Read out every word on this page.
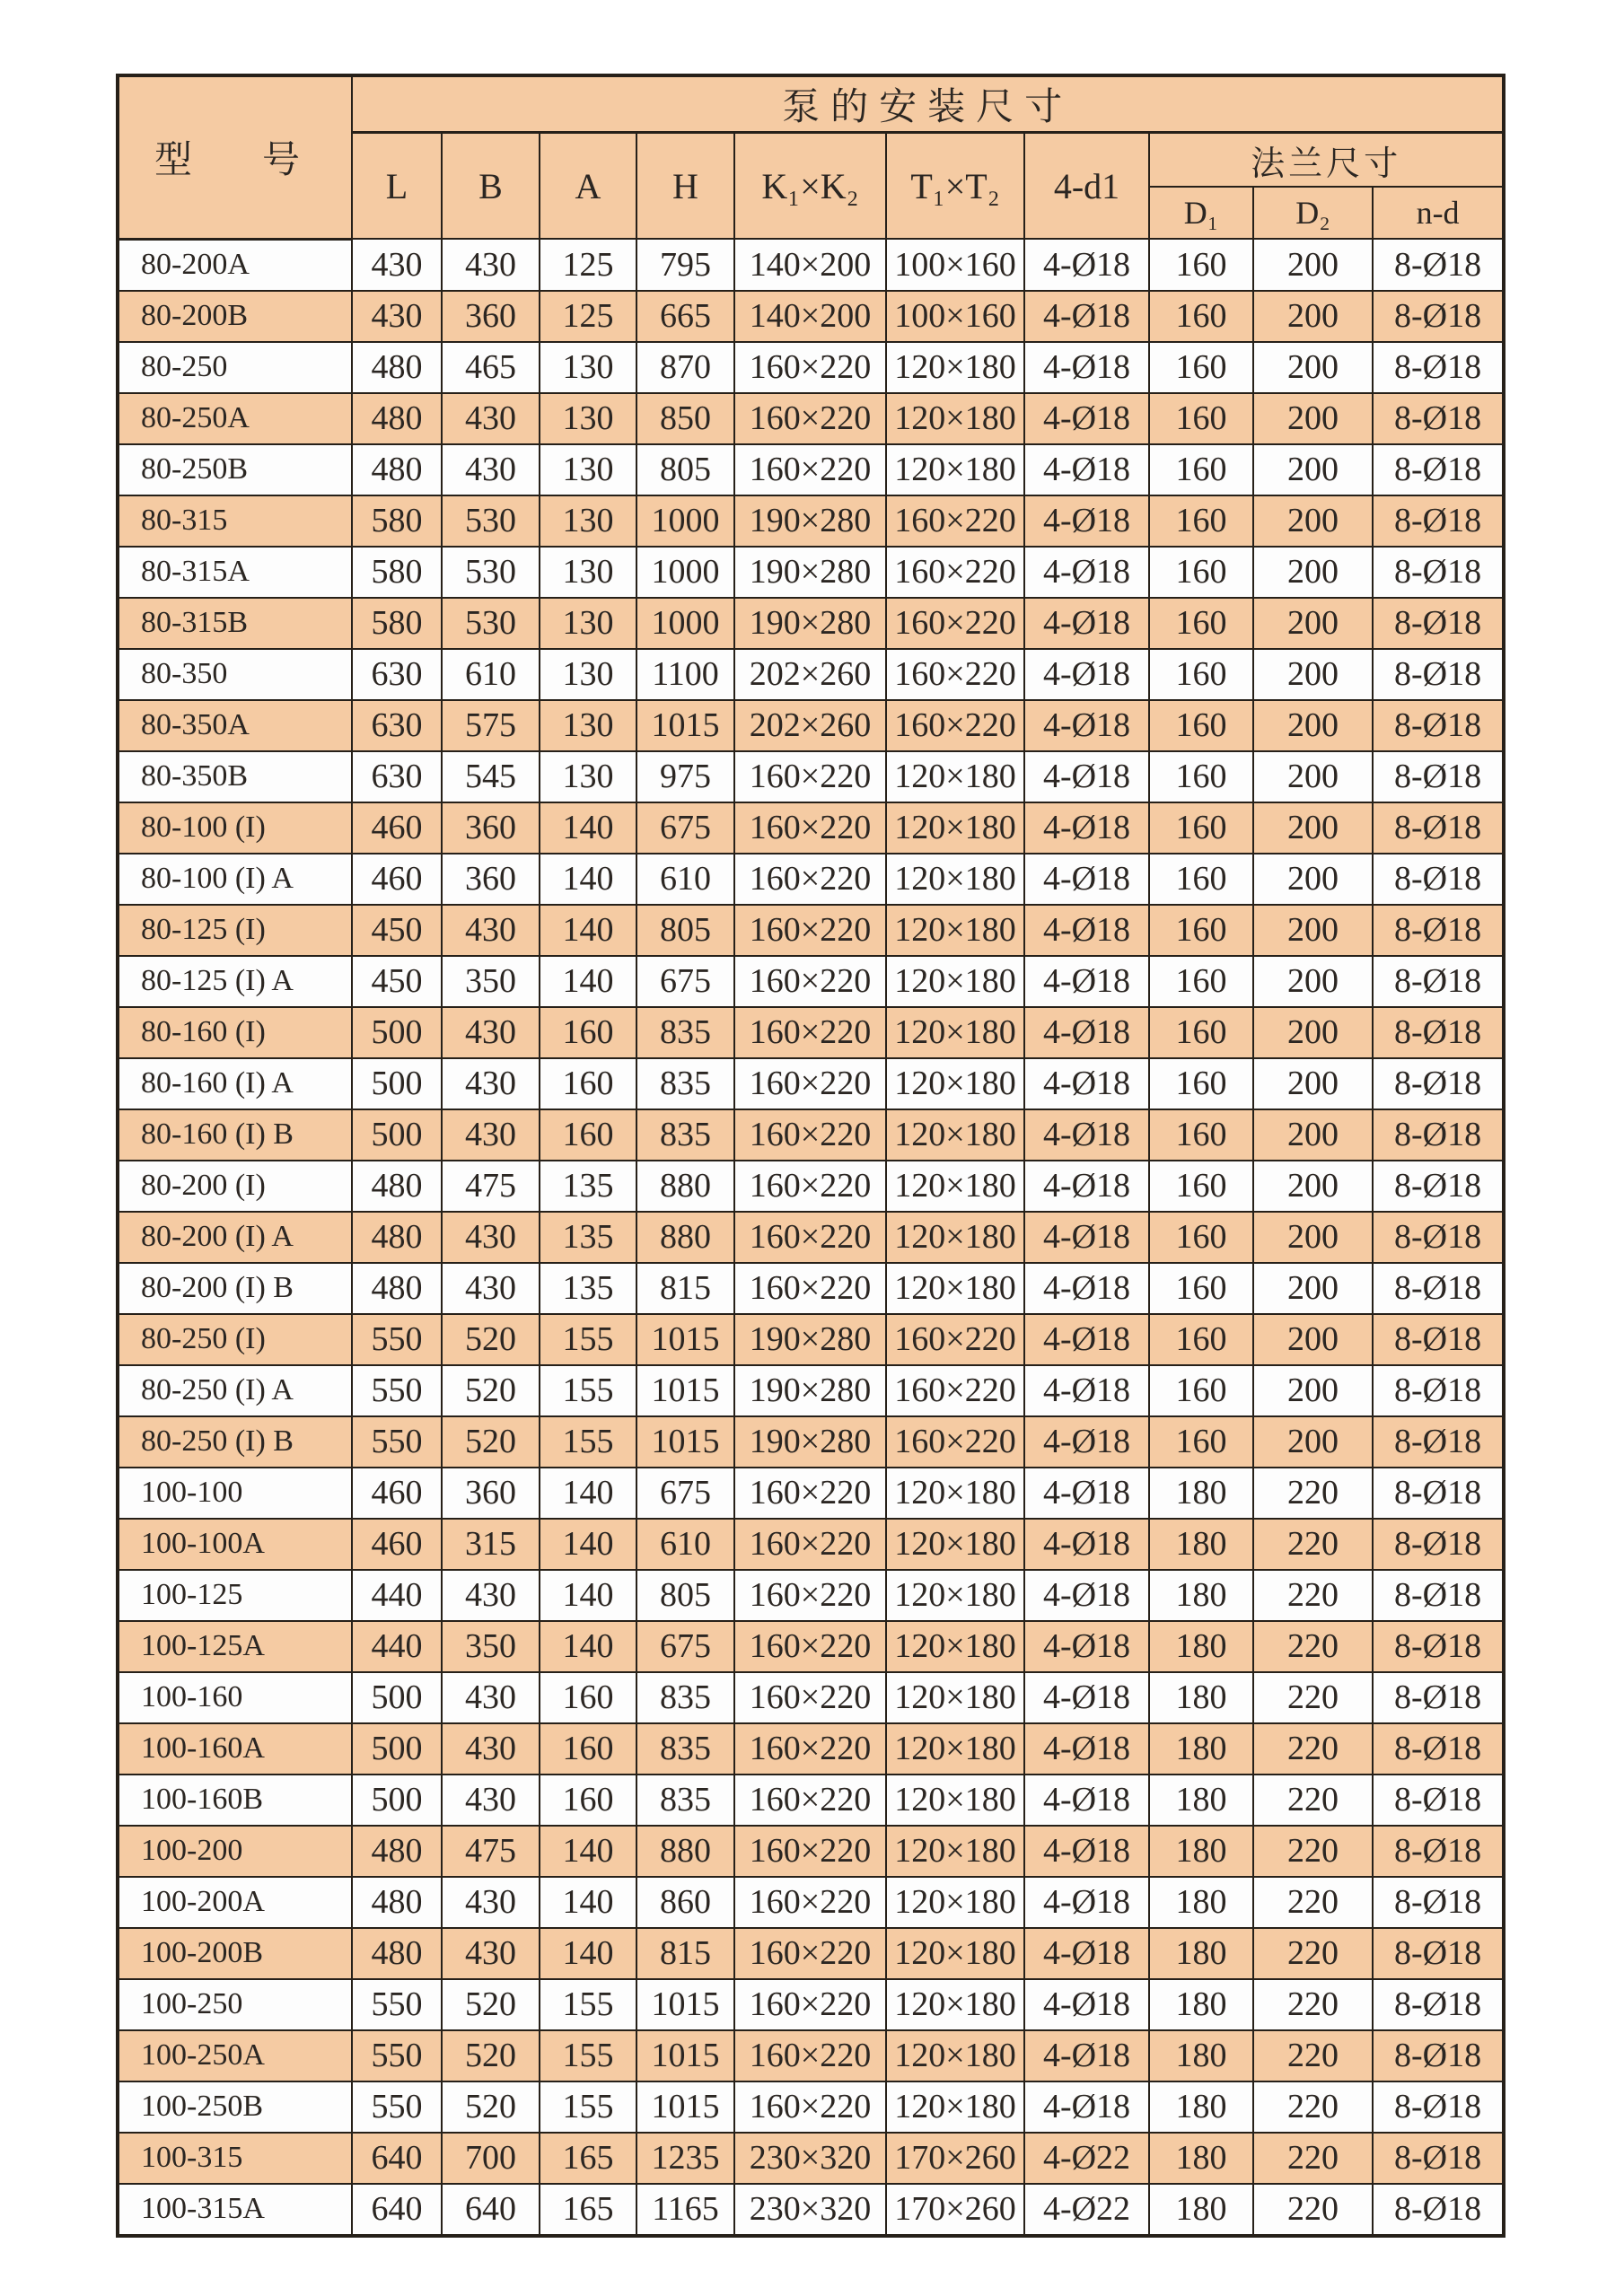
型　号	泵的安装尺寸									
	L	B	A	H	K₁×K₂	T₁×T₂	4-d1	法兰尺寸		
								D₁	D₂	n-d
80-200A	430	430	125	795	140×200	100×160	4-Ø18	160	200	8-Ø18
80-200B	430	360	125	665	140×200	100×160	4-Ø18	160	200	8-Ø18
80-250	480	465	130	870	160×220	120×180	4-Ø18	160	200	8-Ø18
80-250A	480	430	130	850	160×220	120×180	4-Ø18	160	200	8-Ø18
80-250B	480	430	130	805	160×220	120×180	4-Ø18	160	200	8-Ø18
80-315	580	530	130	1000	190×280	160×220	4-Ø18	160	200	8-Ø18
80-315A	580	530	130	1000	190×280	160×220	4-Ø18	160	200	8-Ø18
80-315B	580	530	130	1000	190×280	160×220	4-Ø18	160	200	8-Ø18
80-350	630	610	130	1100	202×260	160×220	4-Ø18	160	200	8-Ø18
80-350A	630	575	130	1015	202×260	160×220	4-Ø18	160	200	8-Ø18
80-350B	630	545	130	975	160×220	120×180	4-Ø18	160	200	8-Ø18
80-100 (I)	460	360	140	675	160×220	120×180	4-Ø18	160	200	8-Ø18
80-100 (I) A	460	360	140	610	160×220	120×180	4-Ø18	160	200	8-Ø18
80-125 (I)	450	430	140	805	160×220	120×180	4-Ø18	160	200	8-Ø18
80-125 (I) A	450	350	140	675	160×220	120×180	4-Ø18	160	200	8-Ø18
80-160 (I)	500	430	160	835	160×220	120×180	4-Ø18	160	200	8-Ø18
80-160 (I) A	500	430	160	835	160×220	120×180	4-Ø18	160	200	8-Ø18
80-160 (I) B	500	430	160	835	160×220	120×180	4-Ø18	160	200	8-Ø18
80-200 (I)	480	475	135	880	160×220	120×180	4-Ø18	160	200	8-Ø18
80-200 (I) A	480	430	135	880	160×220	120×180	4-Ø18	160	200	8-Ø18
80-200 (I) B	480	430	135	815	160×220	120×180	4-Ø18	160	200	8-Ø18
80-250 (I)	550	520	155	1015	190×280	160×220	4-Ø18	160	200	8-Ø18
80-250 (I) A	550	520	155	1015	190×280	160×220	4-Ø18	160	200	8-Ø18
80-250 (I) B	550	520	155	1015	190×280	160×220	4-Ø18	160	200	8-Ø18
100-100	460	360	140	675	160×220	120×180	4-Ø18	180	220	8-Ø18
100-100A	460	315	140	610	160×220	120×180	4-Ø18	180	220	8-Ø18
100-125	440	430	140	805	160×220	120×180	4-Ø18	180	220	8-Ø18
100-125A	440	350	140	675	160×220	120×180	4-Ø18	180	220	8-Ø18
100-160	500	430	160	835	160×220	120×180	4-Ø18	180	220	8-Ø18
100-160A	500	430	160	835	160×220	120×180	4-Ø18	180	220	8-Ø18
100-160B	500	430	160	835	160×220	120×180	4-Ø18	180	220	8-Ø18
100-200	480	475	140	880	160×220	120×180	4-Ø18	180	220	8-Ø18
100-200A	480	430	140	860	160×220	120×180	4-Ø18	180	220	8-Ø18
100-200B	480	430	140	815	160×220	120×180	4-Ø18	180	220	8-Ø18
100-250	550	520	155	1015	160×220	120×180	4-Ø18	180	220	8-Ø18
100-250A	550	520	155	1015	160×220	120×180	4-Ø18	180	220	8-Ø18
100-250B	550	520	155	1015	160×220	120×180	4-Ø18	180	220	8-Ø18
100-315	640	700	165	1235	230×320	170×260	4-Ø22	180	220	8-Ø18
100-315A	640	640	165	1165	230×320	170×260	4-Ø22	180	220	8-Ø18
